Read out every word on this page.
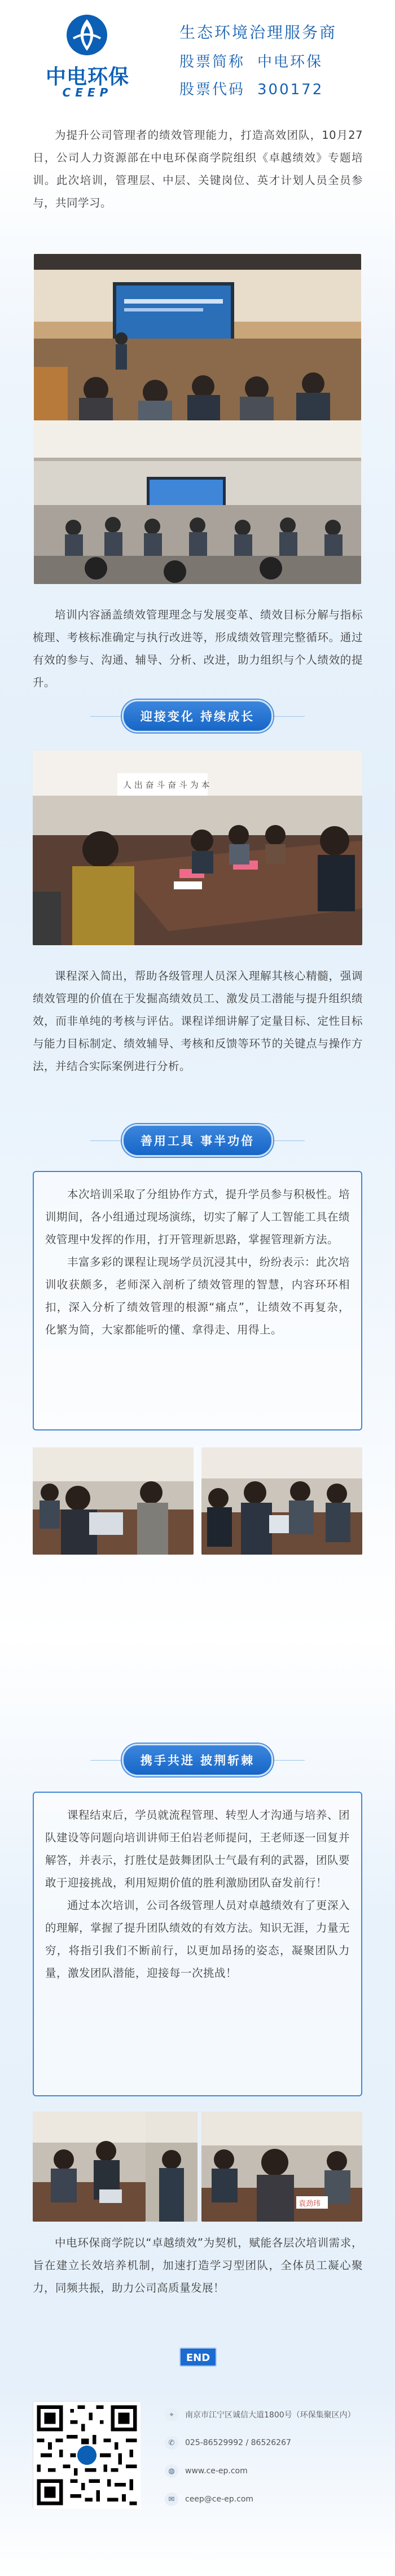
中电环保
CEEP
生态环境治理服务商
股票简称 中电环保
股票代码 300172

为提升公司管理者的绩效管理能力，打造高效团队，10月27日，公司人力资源部在中电环保商学院组织《卓越绩效》专题培训。此次培训，管理层、中层、关键岗位、英才计划人员全员参与，共同学习。

培训内容涵盖绩效管理理念与发展变革、绩效目标分解与指标梳理、考核标准确定与执行改进等，形成绩效管理完整循环。通过有效的参与、沟通、辅导、分析、改进，助力组织与个人绩效的提升。

迎接变化 持续成长
人 出 奋 斗 奋 斗 为 本

课程深入简出，帮助各级管理人员深入理解其核心精髓，强调绩效管理的价值在于发掘高绩效员工、激发员工潜能与提升组织绩效，而非单纯的考核与评估。课程详细讲解了定量目标、定性目标与能力目标制定、绩效辅导、考核和反馈等环节的关键点与操作方法，并结合实际案例进行分析。

善用工具 事半功倍

本次培训采取了分组协作方式，提升学员参与积极性。培训期间，各小组通过现场演练，切实了解了人工智能工具在绩效管理中发挥的作用，打开管理新思路，掌握管理新方法。

丰富多彩的课程让现场学员沉浸其中，纷纷表示：此次培训收获颇多，老师深入剖析了绩效管理的智慧，内容环环相扣，深入分析了绩效管理的根源“痛点”，让绩效不再复杂，化繁为简，大家都能听的懂、拿得走、用得上。

携手共进 披荆斩棘

课程结束后，学员就流程管理、转型人才沟通与培养、团队建设等问题向培训讲师王伯岩老师提问，王老师逐一回复并解答，并表示，打胜仗是鼓舞团队士气最有利的武器，团队要敢于迎接挑战，利用短期价值的胜利激励团队奋发前行！

通过本次培训，公司各级管理人员对卓越绩效有了更深入的理解，掌握了提升团队绩效的有效方法。知识无涯，力量无穷，将指引我们不断前行，以更加昂扬的姿态，凝聚团队力量，激发团队潜能，迎接每一次挑战！

袁劲玮

中电环保商学院以“卓越绩效”为契机，赋能各层次培训需求，旨在建立长效培养机制，加速打造学习型团队，全体员工凝心聚力，同频共振，助力公司高质量发展！

END
⌖	南京市江宁区诚信大道1800号（环保集聚区内）
✆	025-86529992 / 86526267
◍	www.ce-ep.com
✉	ceep@ce-ep.com
